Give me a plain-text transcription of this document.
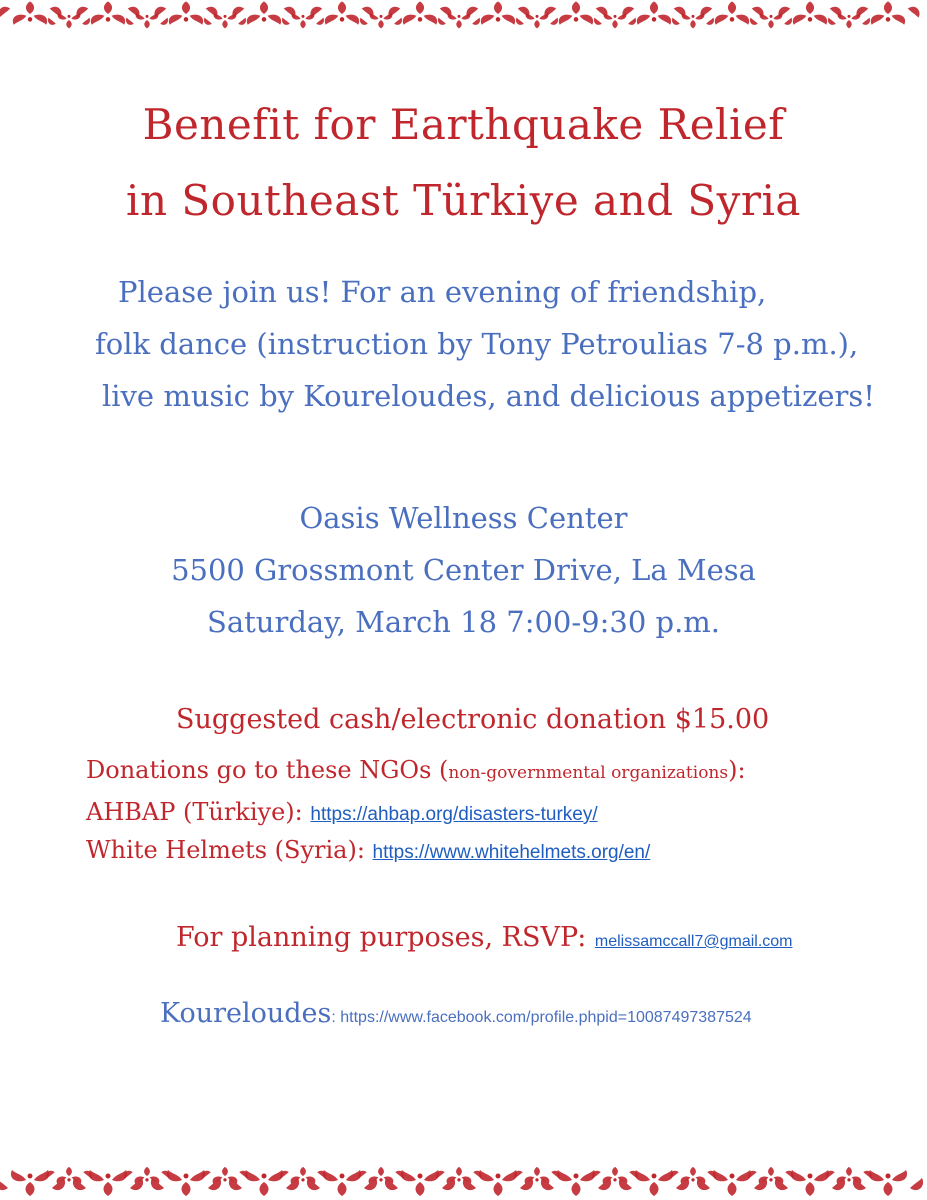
Benefit for Earthquake Relief
in Southeast Türkiye and Syria
Please join us! For an evening of friendship,
folk dance (instruction by Tony Petroulias 7-8 p.m.),
live music by Koureloudes, and delicious appetizers!
Oasis Wellness Center
5500 Grossmont Center Drive, La Mesa
Saturday, March 18 7:00-9:30 p.m.
Suggested cash/electronic donation $15.00
Donations go to these NGOs (non-governmental organizations):
AHBAP (Türkiye): https://ahbap.org/disasters-turkey/
White Helmets (Syria): https://www.whitehelmets.org/en/
For planning purposes, RSVP: melissamccall7@gmail.com
Koureloudes: https://www.facebook.com/profile.phpid=10087497387524
